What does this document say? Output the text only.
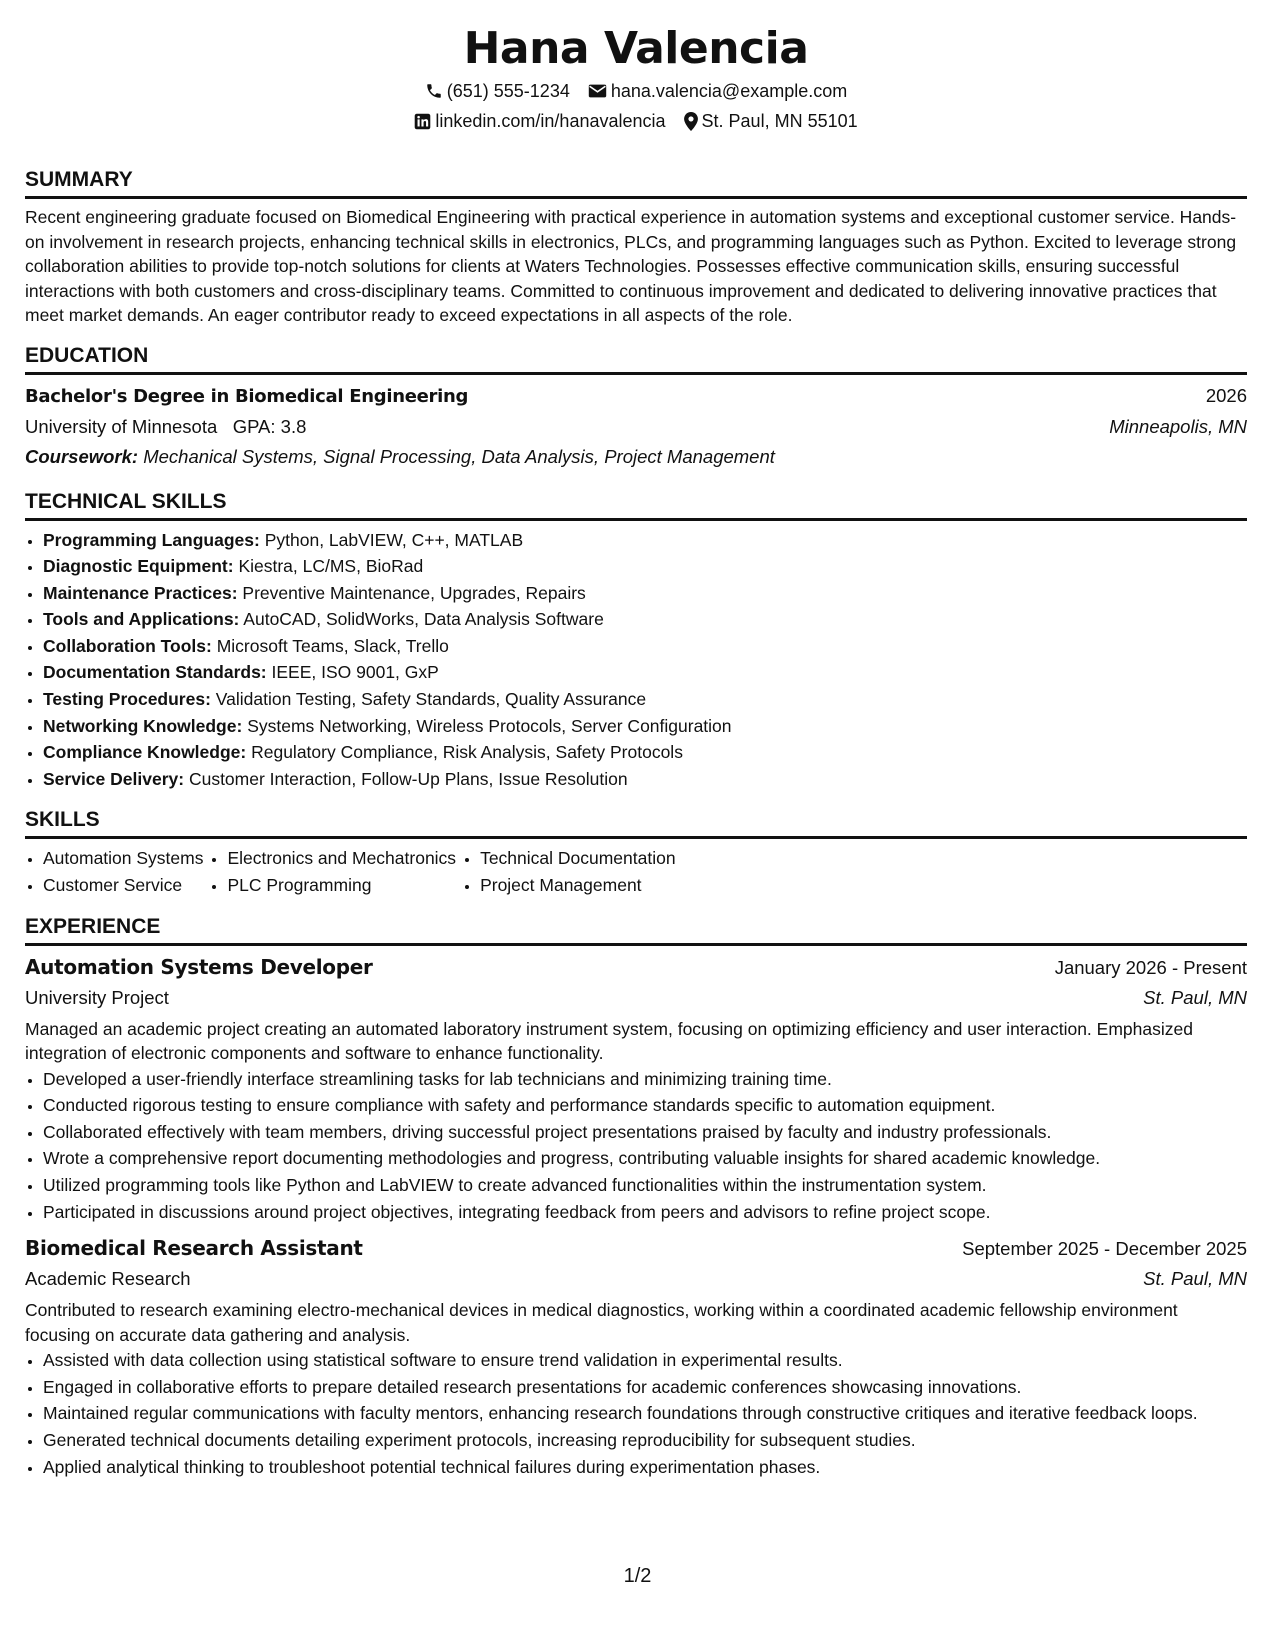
Hana Valencia
(651) 555-1234 hana.valencia@example.com
linkedin.com/in/hanavalencia St. Paul, MN 55101
SUMMARY
Recent engineering graduate focused on Biomedical Engineering with practical experience in automation systems and exceptional customer service. Hands-on involvement in research projects, enhancing technical skills in electronics, PLCs, and programming languages such as Python. Excited to leverage strong collaboration abilities to provide top-notch solutions for clients at Waters Technologies. Possesses effective communication skills, ensuring successful interactions with both customers and cross-disciplinary teams. Committed to continuous improvement and dedicated to delivering innovative practices that meet market demands. An eager contributor ready to exceed expectations in all aspects of the role.
EDUCATION
Bachelor's Degree in Biomedical Engineering	2026
University of Minnesota GPA: 3.8	Minneapolis, MN
Coursework: Mechanical Systems, Signal Processing, Data Analysis, Project Management
TECHNICAL SKILLS
• Programming Languages: Python, LabVIEW, C++, MATLAB
• Diagnostic Equipment: Kiestra, LC/MS, BioRad
• Maintenance Practices: Preventive Maintenance, Upgrades, Repairs
• Tools and Applications: AutoCAD, SolidWorks, Data Analysis Software
• Collaboration Tools: Microsoft Teams, Slack, Trello
• Documentation Standards: IEEE, ISO 9001, GxP
• Testing Procedures: Validation Testing, Safety Standards, Quality Assurance
• Networking Knowledge: Systems Networking, Wireless Protocols, Server Configuration
• Compliance Knowledge: Regulatory Compliance, Risk Analysis, Safety Protocols
• Service Delivery: Customer Interaction, Follow-Up Plans, Issue Resolution
SKILLS
• Automation Systems
• Customer Service
• Electronics and Mechatronics
• PLC Programming
• Technical Documentation
• Project Management
EXPERIENCE
Automation Systems Developer	January 2026 - Present
University Project	St. Paul, MN
Managed an academic project creating an automated laboratory instrument system, focusing on optimizing efficiency and user interaction. Emphasized integration of electronic components and software to enhance functionality.
• Developed a user-friendly interface streamlining tasks for lab technicians and minimizing training time.
• Conducted rigorous testing to ensure compliance with safety and performance standards specific to automation equipment.
• Collaborated effectively with team members, driving successful project presentations praised by faculty and industry professionals.
• Wrote a comprehensive report documenting methodologies and progress, contributing valuable insights for shared academic knowledge.
• Utilized programming tools like Python and LabVIEW to create advanced functionalities within the instrumentation system.
• Participated in discussions around project objectives, integrating feedback from peers and advisors to refine project scope.
Biomedical Research Assistant	September 2025 - December 2025
Academic Research	St. Paul, MN
Contributed to research examining electro-mechanical devices in medical diagnostics, working within a coordinated academic fellowship environment focusing on accurate data gathering and analysis.
• Assisted with data collection using statistical software to ensure trend validation in experimental results.
• Engaged in collaborative efforts to prepare detailed research presentations for academic conferences showcasing innovations.
• Maintained regular communications with faculty mentors, enhancing research foundations through constructive critiques and iterative feedback loops.
• Generated technical documents detailing experiment protocols, increasing reproducibility for subsequent studies.
• Applied analytical thinking to troubleshoot potential technical failures during experimentation phases.
1/2
